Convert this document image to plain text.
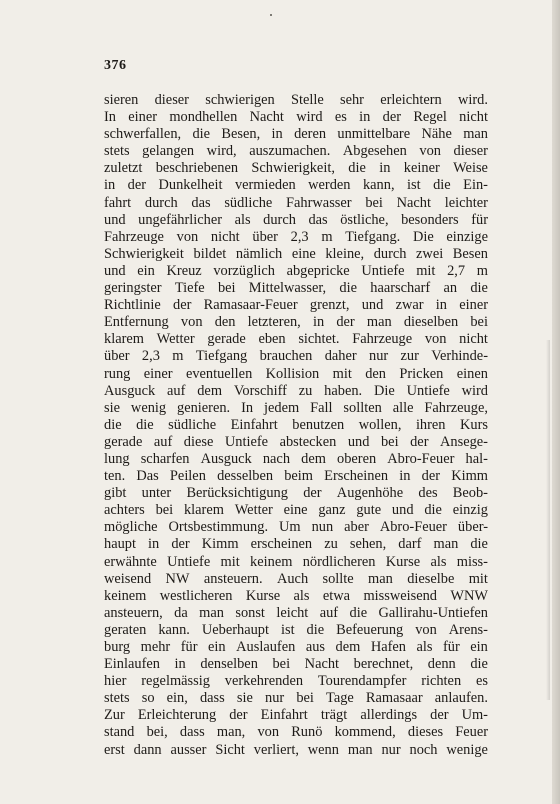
376
sieren dieser schwierigen Stelle sehr erleichtern wird.
In einer mondhellen Nacht wird es in der Regel nicht
schwerfallen, die Besen, in deren unmittelbare Nähe man
stets gelangen wird, auszumachen. Abgesehen von dieser
zuletzt beschriebenen Schwierigkeit, die in keiner Weise
in der Dunkelheit vermieden werden kann, ist die Ein-
fahrt durch das südliche Fahrwasser bei Nacht leichter
und ungefährlicher als durch das östliche, besonders für
Fahrzeuge von nicht über 2,3 m Tiefgang. Die einzige
Schwierigkeit bildet nämlich eine kleine, durch zwei Besen
und ein Kreuz vorzüglich abgepricke Untiefe mit 2,7 m
geringster Tiefe bei Mittelwasser, die haarscharf an die
Richtlinie der Ramasaar-Feuer grenzt, und zwar in einer
Entfernung von den letzteren, in der man dieselben bei
klarem Wetter gerade eben sichtet. Fahrzeuge von nicht
über 2,3 m Tiefgang brauchen daher nur zur Verhinde-
rung einer eventuellen Kollision mit den Pricken einen
Ausguck auf dem Vorschiff zu haben. Die Untiefe wird
sie wenig genieren. In jedem Fall sollten alle Fahrzeuge,
die die südliche Einfahrt benutzen wollen, ihren Kurs
gerade auf diese Untiefe abstecken und bei der Ansege-
lung scharfen Ausguck nach dem oberen Abro-Feuer hal-
ten. Das Peilen desselben beim Erscheinen in der Kimm
gibt unter Berücksichtigung der Augenhöhe des Beob-
achters bei klarem Wetter eine ganz gute und die einzig
mögliche Ortsbestimmung. Um nun aber Abro-Feuer über-
haupt in der Kimm erscheinen zu sehen, darf man die
erwähnte Untiefe mit keinem nördlicheren Kurse als miss-
weisend NW ansteuern. Auch sollte man dieselbe mit
keinem westlicheren Kurse als etwa missweisend WNW
ansteuern, da man sonst leicht auf die Gallirahu-Untiefen
geraten kann. Ueberhaupt ist die Befeuerung von Arens-
burg mehr für ein Auslaufen aus dem Hafen als für ein
Einlaufen in denselben bei Nacht berechnet, denn die
hier regelmässig verkehrenden Tourendampfer richten es
stets so ein, dass sie nur bei Tage Ramasaar anlaufen.
Zur Erleichterung der Einfahrt trägt allerdings der Um-
stand bei, dass man, von Runö kommend, dieses Feuer
erst dann ausser Sicht verliert, wenn man nur noch wenige
